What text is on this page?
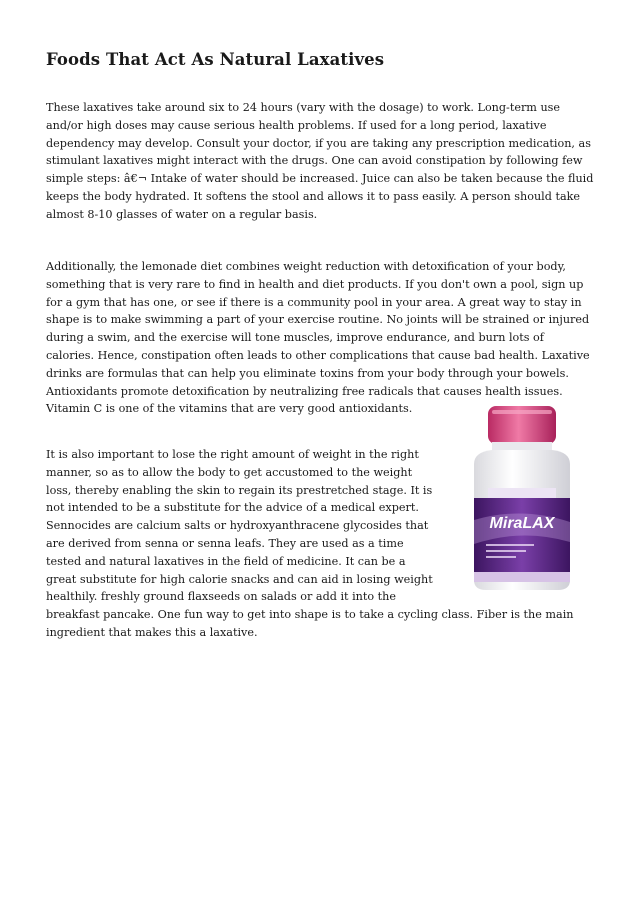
Foods That Act As Natural Laxatives

These laxatives take around six to 24 hours (vary with the dosage) to work. Long-term use and/or high doses may cause serious health problems. If used for a long period, laxative dependency may develop. Consult your doctor, if you are taking any prescription medication, as stimulant laxatives might interact with the drugs. One can avoid constipation by following few simple steps: â€¬ Intake of water should be increased. Juice can also be taken because the fluid keeps the body hydrated. It softens the stool and allows it to pass easily. A person should take almost 8-10 glasses of water on a regular basis.

Additionally, the lemonade diet combines weight reduction with detoxification of your body, something that is very rare to find in health and diet products. If you don't own a pool, sign up for a gym that has one, or see if there is a community pool in your area. A great way to stay in shape is to make swimming a part of your exercise routine. No joints will be strained or injured during a swim, and the exercise will tone muscles, improve endurance, and burn lots of calories. Hence, constipation often leads to other complications that cause bad health. Laxative drinks are formulas that can help you eliminate toxins from your body through your bowels. Antioxidants promote detoxification by neutralizing free radicals that causes health issues. Vitamin C is one of the vitamins that are very good antioxidants.

MiraLAX
It is also important to lose the right amount of weight in the right manner, so as to allow the body to get accustomed to the weight loss, thereby enabling the skin to regain its prestretched stage. It is not intended to be a substitute for the advice of a medical expert. Sennocides are calcium salts or hydroxyanthracene glycosides that are derived from senna or senna leafs. They are used as a time tested and natural laxatives in the field of medicine. It can be a great substitute for high calorie snacks and can aid in losing weight healthily. freshly ground flaxseeds on salads or add it into the breakfast pancake. One fun way to get into shape is to take a cycling class. Fiber is the main ingredient that makes this a laxative.
